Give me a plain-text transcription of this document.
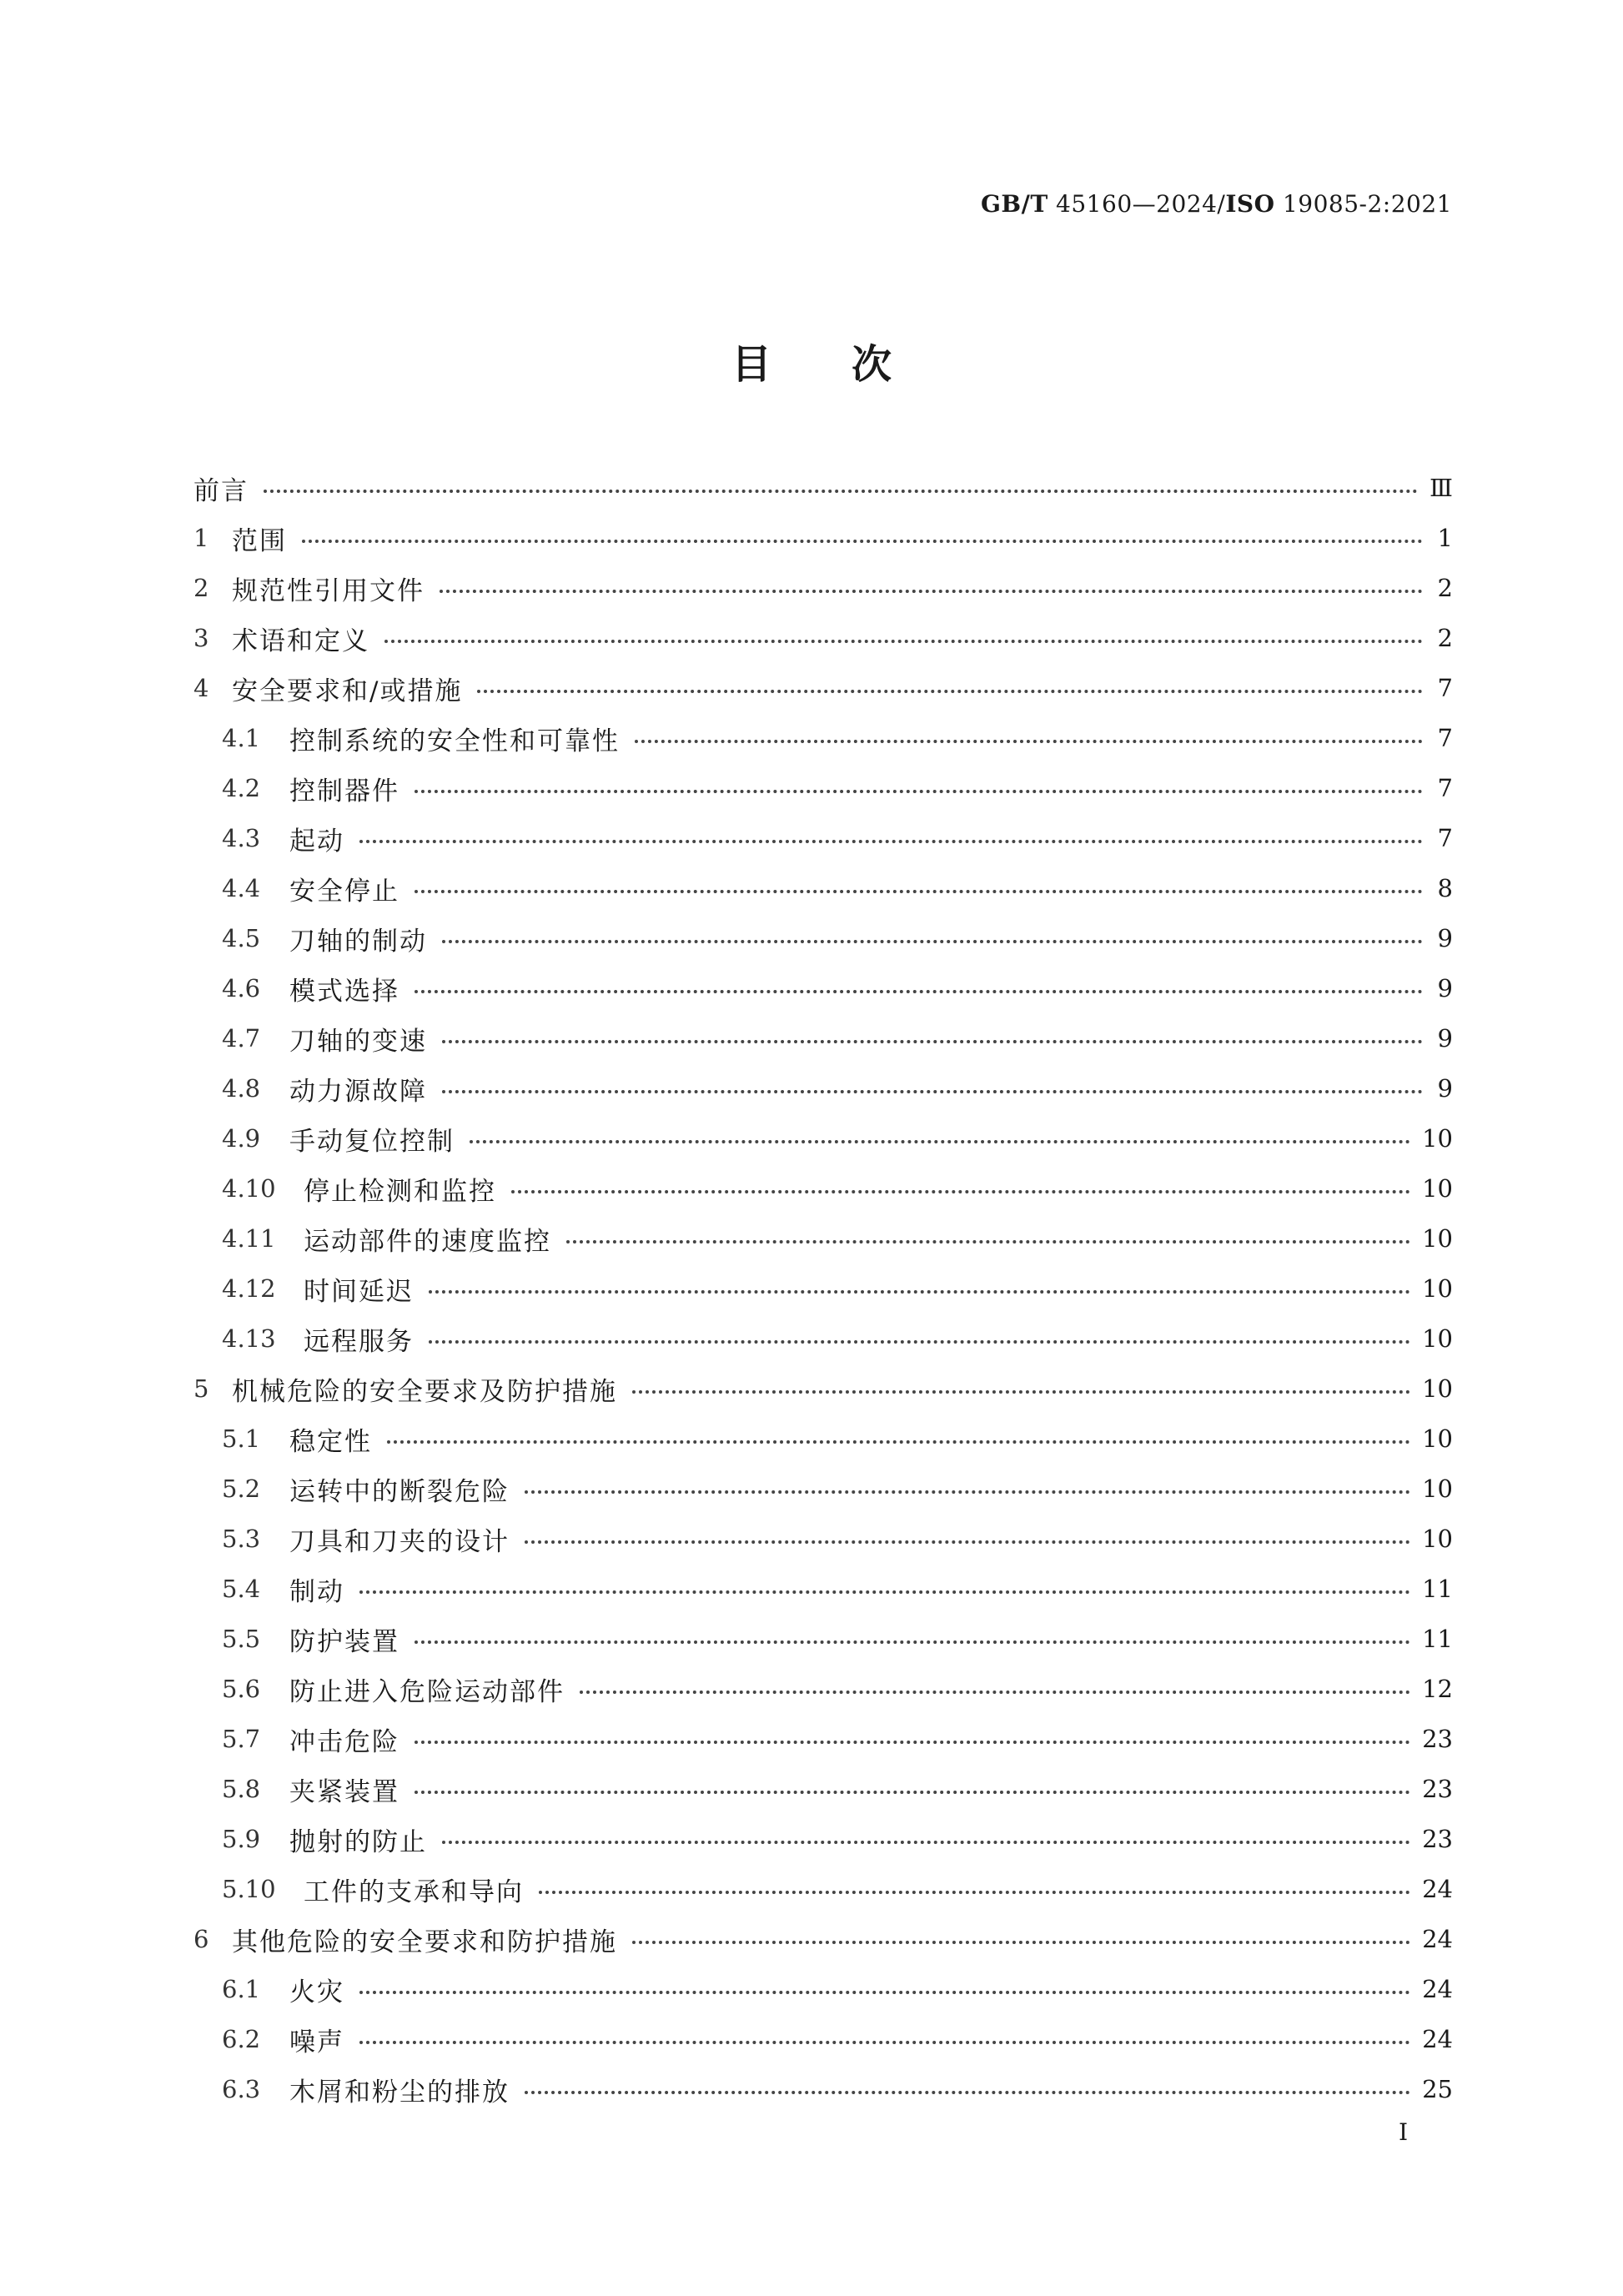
GB/T 45160—2024/ISO 19085-2:2021
目次
前言	Ⅲ
1 范围	1
2 规范性引用文件	2
3 术语和定义	2
4 安全要求和/或措施	7
4.1	控制系统的安全性和可靠性	7
4.2	控制器件	7
4.3	起动	7
4.4	安全停止	8
4.5	刀轴的制动	9
4.6	模式选择	9
4.7	刀轴的变速	9
4.8	动力源故障	9
4.9	手动复位控制	10
4.10	停止检测和监控	10
4.11	运动部件的速度监控	10
4.12	时间延迟	10
4.13	远程服务	10
5 机械危险的安全要求及防护措施	10
5.1	稳定性	10
5.2	运转中的断裂危险	10
5.3	刀具和刀夹的设计	10
5.4	制动	11
5.5	防护装置	11
5.6	防止进入危险运动部件	12
5.7	冲击危险	23
5.8	夹紧装置	23
5.9	抛射的防止	23
5.10	工件的支承和导向	24
6 其他危险的安全要求和防护措施	24
6.1	火灾	24
6.2	噪声	24
6.3	木屑和粉尘的排放	25
Ⅰ
